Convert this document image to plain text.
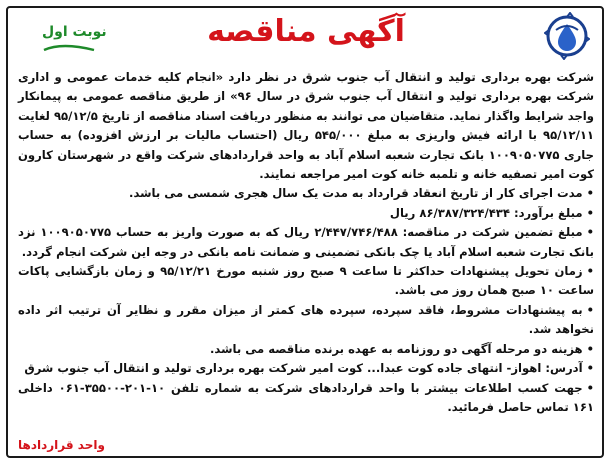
آگهی مناقصه
نوبت اول

شرکت بهره برداری تولید و انتقال آب جنوب شرق در نظر دارد «انجام کلیه خدمات عمومی و اداری شرکت بهره برداری تولید و انتقال آب جنوب شرق در سال ۹۶» از طریق مناقصه عمومی به پیمانکار واجد شرایط واگذار نماید. متقاضیان می توانند به منظور دریافت اسناد مناقصه از تاریخ ۹۵/۱۲/۵ لغایت ۹۵/۱۲/۱۱ با ارائه فیش واریزی به مبلغ ۵۴۵/۰۰۰ ریال (احتساب مالیات بر ارزش افزوده) به حساب جاری ۱۰۰۹۰۵۰۷۷۵ بانک تجارت شعبه اسلام آباد به واحد قراردادهای شرکت واقع در شهرستان کارون کوت امیر تصفیه خانه و تلمبه خانه کوت امیر مراجعه نمایند.

•مدت اجرای کار از تاریخ انعقاد قرارداد به مدت یک سال هجری شمسی می باشد.

•مبلغ برآورد: ۸۶/۳۸۷/۳۲۴/۴۳۴ ریال

•مبلغ تضمین شرکت در مناقصه: ۲/۴۴۷/۷۴۶/۴۸۸ ریال که به صورت واریز به حساب ۱۰۰۹۰۵۰۷۷۵ نزد بانک تجارت شعبه اسلام آباد یا چک بانکی تضمینی و ضمانت نامه بانکی در وجه این شرکت انجام گردد.

•زمان تحویل پیشنهادات حداکثر تا ساعت ۹ صبح روز شنبه مورخ ۹۵/۱۲/۲۱ و زمان بازگشایی پاکات ساعت ۱۰ صبح همان روز می باشد.

•به پیشنهادات مشروط، فاقد سپرده، سپرده های کمتر از میزان مقرر و نظایر آن ترتیب اثر داده نخواهد شد.

•هزینه دو مرحله آگهی دو روزنامه به عهده برنده مناقصه می باشد.

•آدرس: اهواز- انتهای جاده کوت عبدا... کوت امیر شرکت بهره برداری تولید و انتقال آب جنوب شرق

•جهت کسب اطلاعات بیشتر با واحد قراردادهای شرکت به شماره تلفن ۱۰-۲۰۱-۳۵۵۰۰-۰۶۱ داخلی ۱۶۱ تماس حاصل فرمائید.

واحد قراردادها
